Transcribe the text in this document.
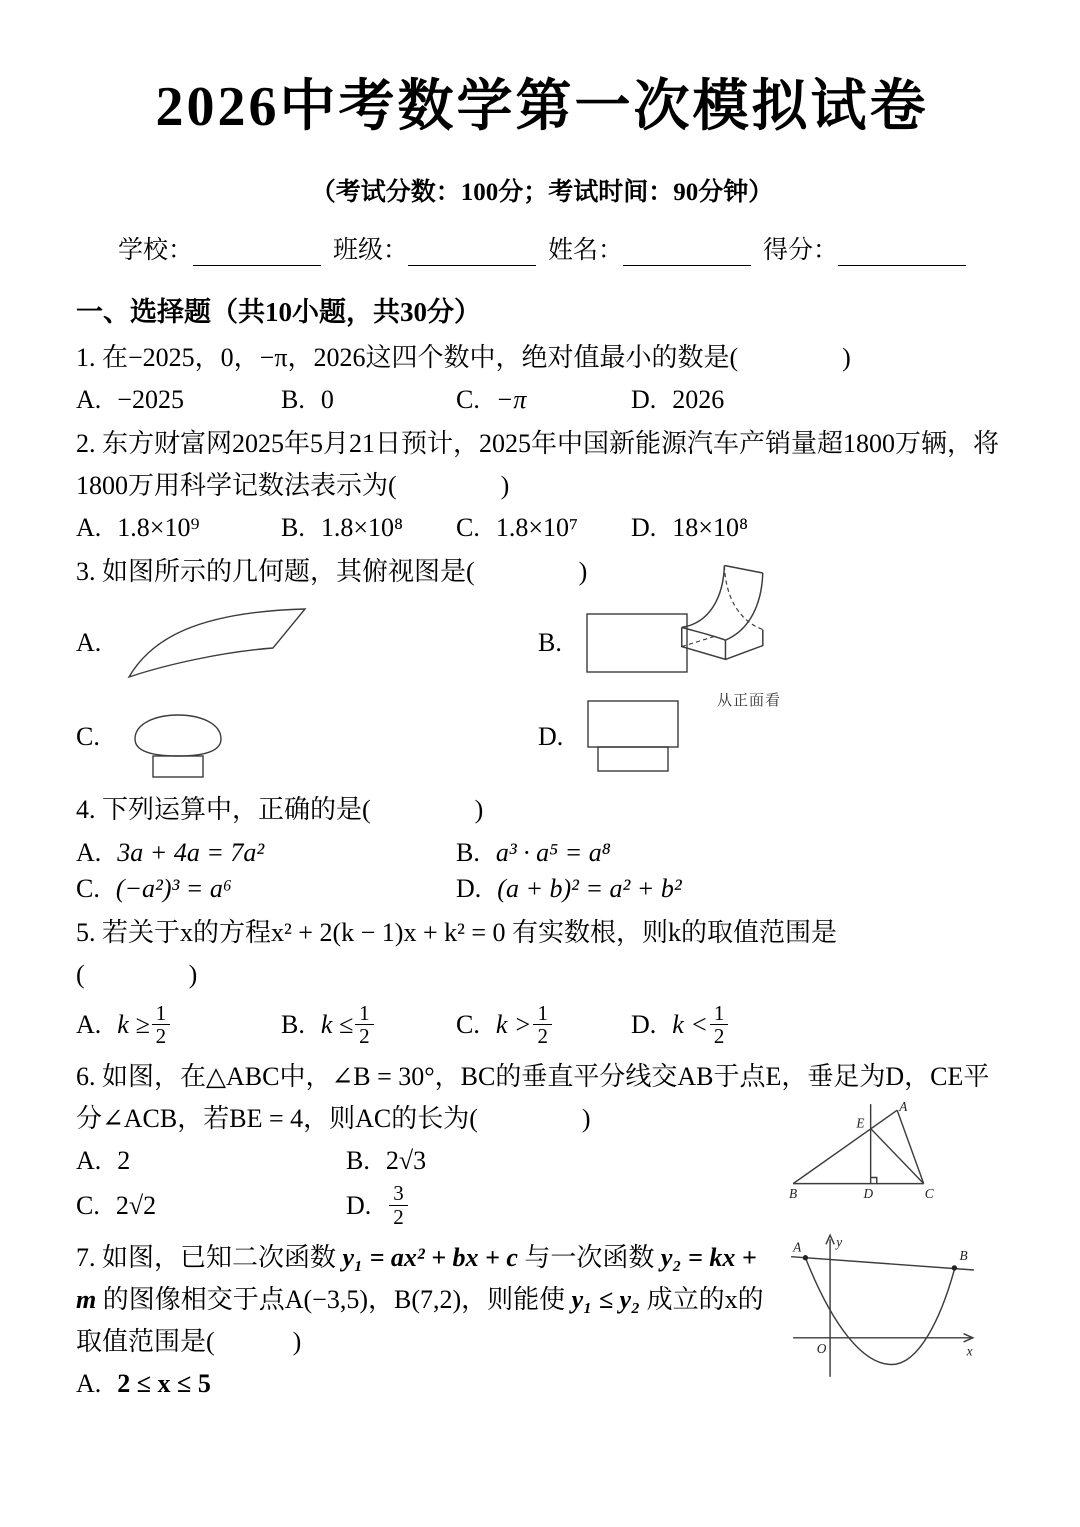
2026中考数学第一次模拟试卷
（考试分数：100分；考试时间：90分钟）
学校：	班级：	姓名：	得分：
一、选择题（共10小题，共30分）
1. 在−2025，0，−π，2026这四个数中，绝对值最小的数是(　　　　)
A. −2025	B. 0	C. −π	D. 2026
2. 东方财富网2025年5月21日预计，2025年中国新能源汽车产销量超1800万辆，将1800万用科学记数法表示为(　　　　)
A. 1.8×10⁹	B. 1.8×10⁸ C. 1.8×10⁷ D. 18×10⁸
3. 如图所示的几何题，其俯视图是(　　　　)
从正面看
A.	B.
C.	D.
4. 下列运算中，正确的是(　　　　)
A. 3a + 4a = 7a²	B. a³ · a⁵ = a⁸
C. (−a²)³ = a⁶	D. (a + b)² = a² + b²
5. 若关于x的方程x² + 2(k − 1)x + k² = 0 有实数根，则k的取值范围是
(　　　　)
A. $k \ge \frac{1}{2}$	B. $k \le \frac{1}{2}$	C. $k > \frac{1}{2}$	D. $k < \frac{1}{2}$
6. 如图，在△ABC中，∠B = 30°，BC的垂直平分线交AB于点E，垂足为D，CE平分∠ACB，若BE = 4，则AC的长为(　　　　)	A
B	C
D
E
A. 2	B. 2√3
C. 2√2	D. $\frac{3}{2}$
7. 如图，已知二次函数 y₁ = ax² + bx + c 与一次函数 y₂ = kx + m 的图像相交于点A(−3,5)，B(7,2)，则能使 y₁ ≤ y₂ 成立的x的取值范围是(　　　)
A
B
O	x
y
A. 2 ≤ x ≤ 5
